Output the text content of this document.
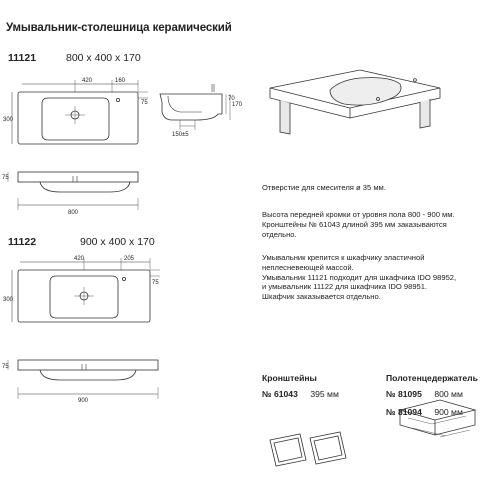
Умывальник-столешница керамический
11121	800 x 400 x 170
11122	900 x 400 x 170
420	160
75
300
70
170
150±5
75
800
420	205
75
300
75
900
Отверстие для смесителя ø 35 мм.
Высота передней кромки от уровня пола 800 - 900 мм.
Кронштейны № 61043 длиной 395 мм заказываются
отдельно.
Умывальник крепится к шкафчику эластичной
неплесневеющей массой.
Умывальник 11121 подходит для шкафчика IDO 98952,
и умывальник 11122 для шкафчика IDO 98951.
Шкафчик заказывается отдельно.
Кронштейны
№ 61043 395 мм
Полотенцедержатель
№ 81095 800 мм
№ 81094 900 мм
